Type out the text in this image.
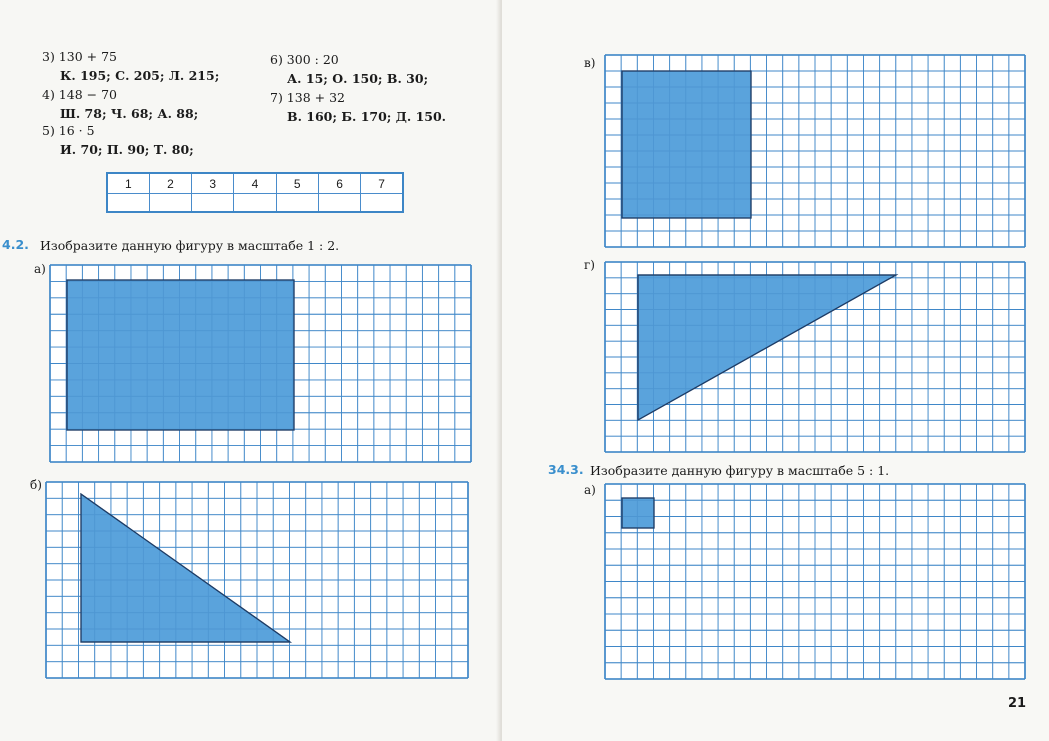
3) 130 + 75
К. 195; С. 205; Л. 215;
4) 148 − 70
Ш. 78; Ч. 68; А. 88;
5) 16 · 5
И. 70; П. 90; Т. 80;
6) 300 : 20
А. 15; О. 150; В. 30;
7) 138 + 32
В. 160; Б. 170; Д. 150.
1	2	3	4	5	6	7

4.2. Изобразите данную фигуру в масштабе 1 : 2.
а)
б)
в)
г)
34.3. Изобразите данную фигуру в масштабе 5 : 1.
а)
21
